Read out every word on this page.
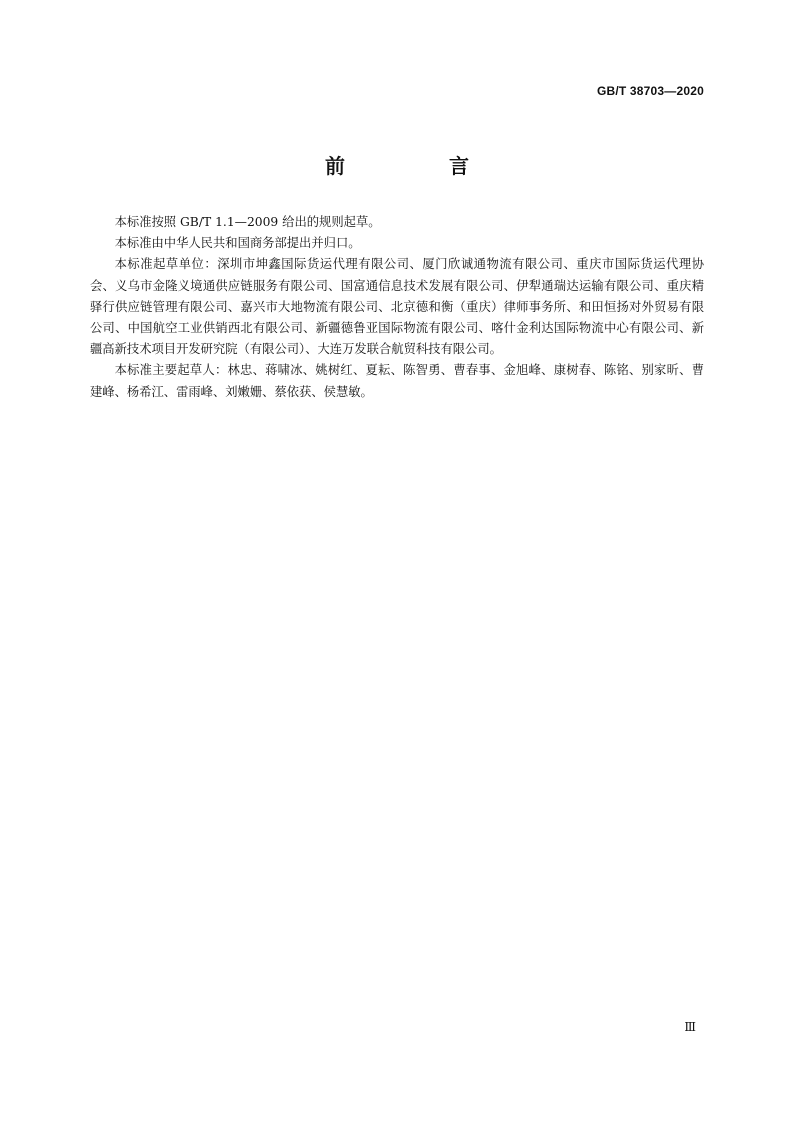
GB/T 38703—2020
前　言

本标准按照 GB/T 1.1—2009 给出的规则起草。

本标准由中华人民共和国商务部提出并归口。

本标准起草单位：深圳市坤鑫国际货运代理有限公司、厦门欣诚通物流有限公司、重庆市国际货运代理协会、义乌市金隆义境通供应链服务有限公司、国富通信息技术发展有限公司、伊犁通瑞达运输有限公司、重庆精驿行供应链管理有限公司、嘉兴市大地物流有限公司、北京德和衡（重庆）律师事务所、和田恒扬对外贸易有限公司、中国航空工业供销西北有限公司、新疆德鲁亚国际物流有限公司、喀什金利达国际物流中心有限公司、新疆高新技术项目开发研究院（有限公司）、大连万发联合航贸科技有限公司。

本标准主要起草人：林忠、蒋啸冰、姚树红、夏耘、陈智勇、曹春事、金旭峰、康树春、陈铭、别家昕、曹建峰、杨希江、雷雨峰、刘嫩姗、蔡依获、侯慧敏。

Ⅲ
